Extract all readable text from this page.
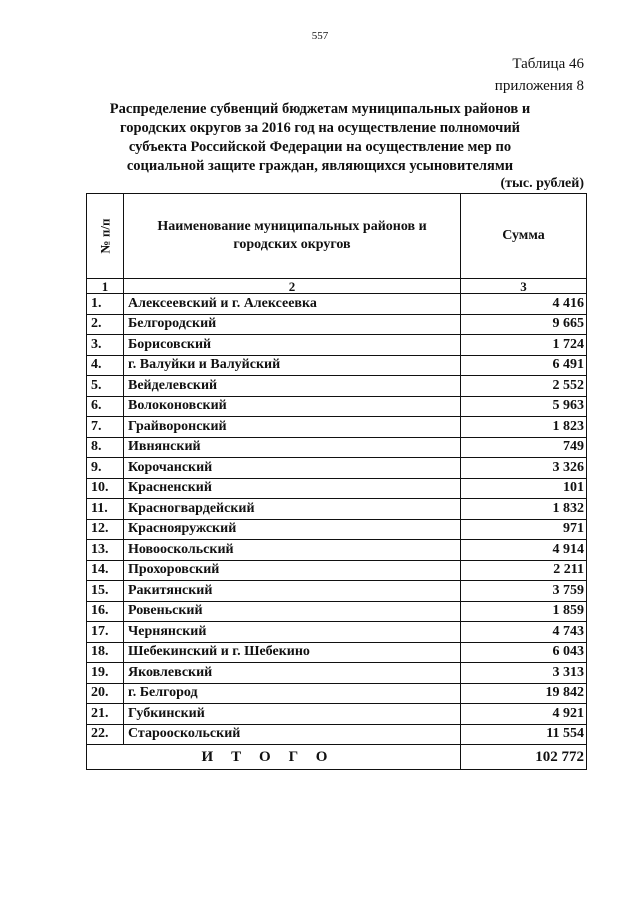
557
Таблица 46
приложения 8
Распределение субвенций бюджетам муниципальных районов и городских округов за 2016 год на осуществление полномочий субъекта Российской Федерации на осуществление мер по социальной защите граждан, являющихся усыновителями
(тыс. рублей)
№ п/п	Наименование муниципальных районов и городских округов	Сумма
1	2	3
1.	Алексеевский и г. Алексеевка	4 416
2.	Белгородский	9 665
3.	Борисовский	1 724
4.	г. Валуйки и Валуйский	6 491
5.	Вейделевский	2 552
6.	Волоконовский	5 963
7.	Грайворонский	1 823
8.	Ивнянский	749
9.	Корочанский	3 326
10.	Красненский	101
11.	Красногвардейский	1 832
12.	Краснояружский	971
13.	Новооскольский	4 914
14.	Прохоровский	2 211
15.	Ракитянский	3 759
16.	Ровеньский	1 859
17.	Чернянский	4 743
18.	Шебекинский и г. Шебекино	6 043
19.	Яковлевский	3 313
20.	г. Белгород	19 842
21.	Губкинский	4 921
22.	Старооскольский	11 554
ИТОГО		102 772
